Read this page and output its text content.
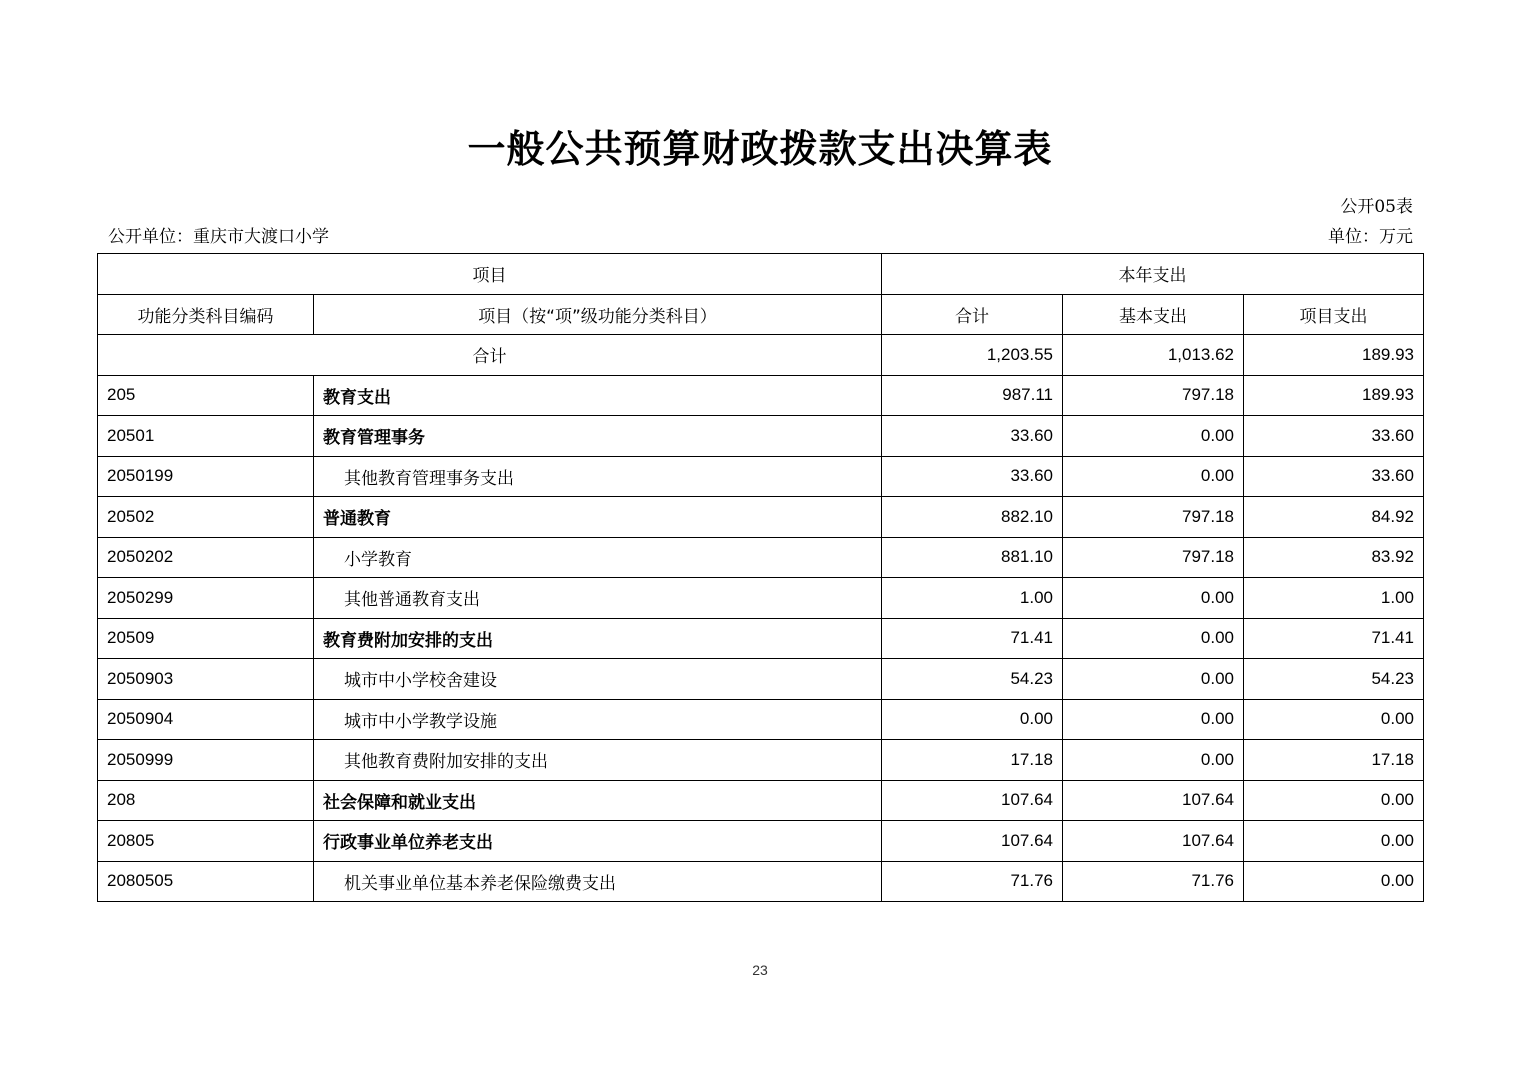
一般公共预算财政拨款支出决算表
公开05表
公开单位：重庆市大渡口小学	单位：万元
项目		本年支出		
功能分类科目编码	项目（按“项”级功能分类科目）	合计	基本支出	项目支出
合计		1,203.55	1,013.62	189.93
205	教育支出	987.11	797.18	189.93
20501	教育管理事务	33.60	0.00	33.60
2050199	其他教育管理事务支出	33.60	0.00	33.60
20502	普通教育	882.10	797.18	84.92
2050202	小学教育	881.10	797.18	83.92
2050299	其他普通教育支出	1.00	0.00	1.00
20509	教育费附加安排的支出	71.41	0.00	71.41
2050903	城市中小学校舍建设	54.23	0.00	54.23
2050904	城市中小学教学设施	0.00	0.00	0.00
2050999	其他教育费附加安排的支出	17.18	0.00	17.18
208	社会保障和就业支出	107.64	107.64	0.00
20805	行政事业单位养老支出	107.64	107.64	0.00
2080505	机关事业单位基本养老保险缴费支出	71.76	71.76	0.00
23
